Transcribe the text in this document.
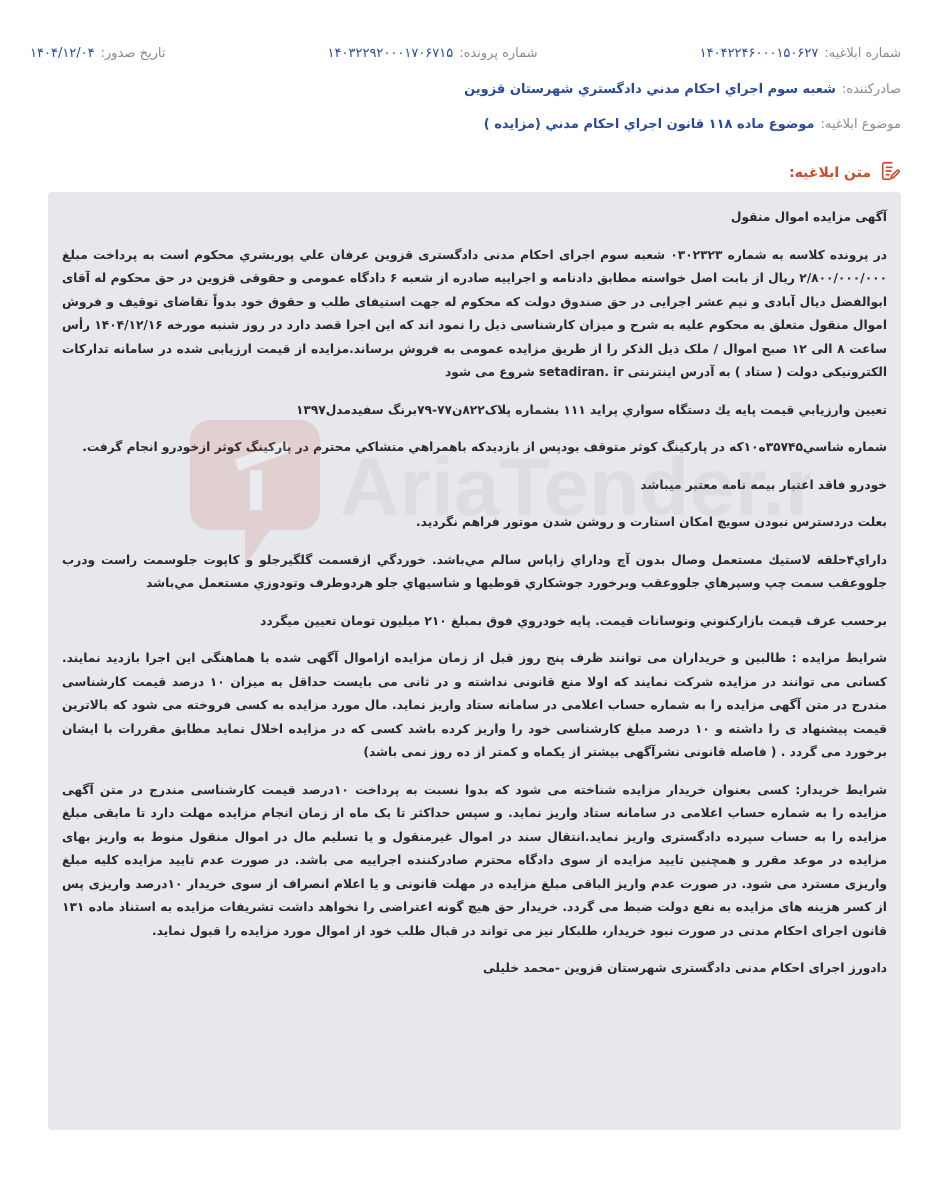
شماره ابلاغیه:
۱۴۰۴۲۲۴۶۰۰۰۱۵۰۶۲۷
شماره پرونده:
۱۴۰۳۲۲۹۲۰۰۰۱۷۰۶۷۱۵
تاریخ صدور:
۱۴۰۴/۱۲/۰۴
صادرکننده:
شعبه سوم اجراي احكام مدني دادگستري شهرستان قزوين
موضوع ابلاغیه:
موضوع ماده ۱۱۸ قانون اجراي احكام مدني (مزايده )
متن ابلاغیه:

آگهی مزایده اموال منقول

در پرونده کلاسه به شماره ۰۳۰۲۳۲۳ شعبه سوم اجرای احکام مدنی دادگستری قزوین عرفان علي پوربشري محکوم است به پرداخت مبلغ ۲/۸۰۰/۰۰۰/۰۰۰ ریال از بابت اصل خواسته مطابق دادنامه و اجراییه صادره از شعبه ۶ دادگاه عمومی و حقوقی قزوین در حق محکوم له آقای ابوالفضل دیال آبادی و نیم عشر اجرایی در حق صندوق دولت که محکوم له جهت استیفای طلب و حقوق خود بدواً تقاضای توقیف و فروش اموال منقول متعلق به محکوم علیه به شرح و میزان کارشناسی ذیل را نمود اند که این اجرا قصد دارد در روز شنبه مورخه ۱۴۰۴/۱۲/۱۶ رأس ساعت ۸ الی ۱۲ صبح اموال / ملک ذیل الذکر را از طریق مزایده عمومی به فروش برساند.مزایده از قیمت ارزیابی شده در سامانه تدارکات الکترونیکی دولت ( ستاد ) به آدرس اینترنتی setadiran. ir شروع می شود

تعیین وارزيابي قيمت پايه يك دستگاه سواري پرايد ۱۱۱ بشماره پلاک۸۲۲ن۷۷-۷۹برنگ سفیدمدل۱۳۹۷

شماره شاسي۳۵۷۴۵ه۱۰که در پارکینگ کوثر متوقف بودپس از بازدیدکه باهمراهي متشاكي محترم در پاركينگ كوثر ازخودرو انجام گرفت.

خودرو فاقد اعتبار بيمه نامه معتبر ميباشد

بعلت دردسترس نبودن سويچ امكان استارت و روشن شدن موتور فراهم نگرديد.

داراي۴حلقه لاستيك مستعمل وصال بدون آچ وداراي زاپاس سالم مي‌باشد. خوردگي ازقسمت گلگيرجلو و كاپوت جلوسمت راست ودرب جلووعقب سمت چپ وسپرهاي جلووعقب وبرخورد جوشكاري قوطيها و شاسيهاي جلو هردوطرف وتودوزي مستعمل مي‌باشد

برحسب عرف قيمت بازاركنوني ونوسانات قيمت. پايه خودروي فوق بمبلغ ۲۱۰ ميليون تومان تعيين ميگردد

شرایط مزایده : طالبین و خریداران می توانند ظرف پنج روز قبل از زمان مزایده ازاموال آگهی شده با هماهنگی این اجرا بازدید نمایند. کسانی می توانند در مزایده شرکت نمایند که اولا منع قانونی نداشته و در ثانی می بایست حداقل به میزان ۱۰ درصد قیمت کارشناسی مندرج در متن آگهی مزایده را به شماره حساب اعلامی در سامانه ستاد واریز نماید. مال مورد مزایده به کسی فروخته می شود که بالاترین قیمت پیشنهاد ی را داشته و ۱۰ درصد مبلغ کارشناسی خود را واریز کرده باشد کسی که در مزایده اخلال نماید مطابق مقررات با ایشان برخورد می گردد . ( فاصله قانونی نشرآگهی بیشتر از یکماه و کمتر از ده روز نمی باشد)

شرایط خریدار: کسی بعنوان خریدار مزایده شناخته می شود که بدوا نسبت به پرداخت ۱۰درصد قیمت کارشناسی مندرج در متن آگهی مزایده را به شماره حساب اعلامی در سامانه ستاد واریز نماید. و سپس حداکثر تا یک ماه از زمان انجام مزایده مهلت دارد تا مابقی مبلغ مزایده را به حساب سپرده دادگستری واریز نماید.انتقال سند در اموال غیرمنقول و یا تسلیم مال در اموال منقول منوط به واریز بهای مزایده در موعد مقرر و همچنین تایید مزایده از سوی دادگاه محترم صادرکننده اجراییه می باشد. در صورت عدم تایید مزایده کلیه مبلغ واریزی مسترد می شود. در صورت عدم واریز الباقی مبلغ مزایده در مهلت قانونی و یا اعلام انصراف از سوی خریدار ۱۰درصد واریزی پس از کسر هزینه های مزایده به نفع دولت ضبط می گردد. خریدار حق هیچ گونه اعتراضی را نخواهد داشت تشریفات مزایده به استناد ماده ۱۳۱ قانون اجرای احکام مدنی در صورت نبود خریدار، طلبکار نیز می تواند در قبال طلب خود از اموال مورد مزایده را قبول نماید.

دادورز اجرای احکام مدنی دادگستری شهرستان قزوین -محمد خلیلی
